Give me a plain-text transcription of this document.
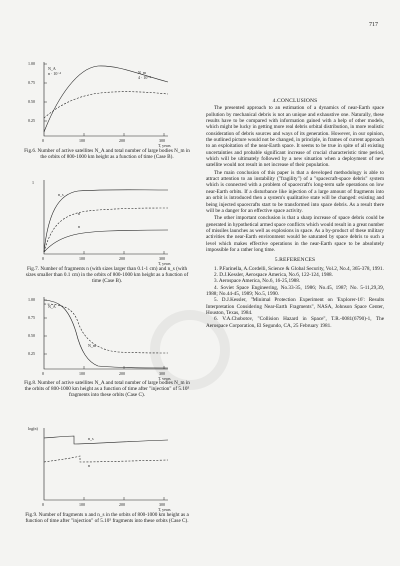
717
1.00
0.75
0.50
0.25
N_A
n · 10⁻⁴	N_m
4 · 10⁻⁴
0	100	200	300
T, years
Fig.6. Number of active satellites N_A and total number of large bodies N_m in the orbits of 800-1000 km height as a function of time (Case B).
1
n_s
n
n
0	100	200	300
T, years
Fig.7. Number of fragments n (with sizes larger than 0.1-1 cm) and n_s (with sizes smaller than 0.1 cm) in the orbits of 800-1000 km height as a function of time (Case B).
1.00
0.75
0.50
0.25
N_A
N_m
0	100	200	300
T, years
Fig.8. Number of active satellites N_A and total number of large bodies N_m in the orbits of 800-1000 km height as a function of time after "injection" of 5.10⁵ fragments into these orbits (Case C).
log(n)
n_s
n
0	100	200	300
T, years
Fig.9. Number of fragments n and n_s in the orbits of 800-1000 km height as a function of time after "injection" of 5.10⁵ fragments into these orbits (Case C).
4.CONCLUSIONS

The presented approach to an estimation of a dynamics of near-Earth space pollution by mechanical debris is not an unique and exhaustive one. Naturally, these results have to be compared with information gained with a help of other models, which might be lucky in getting more real debris orbital distribution, in more realistic consideration of debris sources and ways of its generation. However, in our opinion, the outlined picture would not be changed, in principle, in frames of current approach to an exploitation of the near-Earth space. It seems to be true in spite of all existing uncertainties and probable significant increase of crucial characteristic time period, which will be ultimately followed by a new situation when a deployment of new satellite would not result in net increase of their population.

The main conclusion of this paper is that a developed methodology is able to attract attention to an instability ("fragility") of a "spacecraft-space debris" system which is connected with a problem of spacecraft's long-term safe operations on low near-Earth orbits. If a disturbance like injection of a large amount of fragments into an orbit is introduced then a system's qualitative state will be changed: existing and being injected spacecrafts start to be transformed into space debris. As a result there will be a danger for an effective space activity.

The other important conclusion is that a sharp increase of space debris could be generated in hypothetical armed space conflicts which would result in a great number of missiles launches as well as explosions in space. As a by-product of these military activities the near-Earth environment would be saturated by space debris to such a level which makes effective operations in the near-Earth space to be absolutely impossible for a rather long time.

5.REFERENCES
1. P.Farinella, A.Cordelli, Science & Global Security, Vol.2, No.4, 365-378, 1991.
2. D.J.Kessler, Aerospace America, No.6, 122-124, 1988.
3. Aerospace America, No.6, 16-25,1988.
4. Soviet Space Engineering, No.33-35, 1986; No.45, 1987; No. 5-11,29,39, 1988; No.44-45, 1989; No.5, 1990.
5. D.J.Kessler, "Minimal Protection Experiment on 'Explorer-16': Results Interpretation Considering Near-Earth Fragments", NASA, Johnson Space Center, Houston, Texas, 1984.
6. V.A.Chobotov, "Collision Hazard in Space", T.R.-0081(6790)-1, The Aerospace Corporation, El Segundo, CA, 25 February 1981.
